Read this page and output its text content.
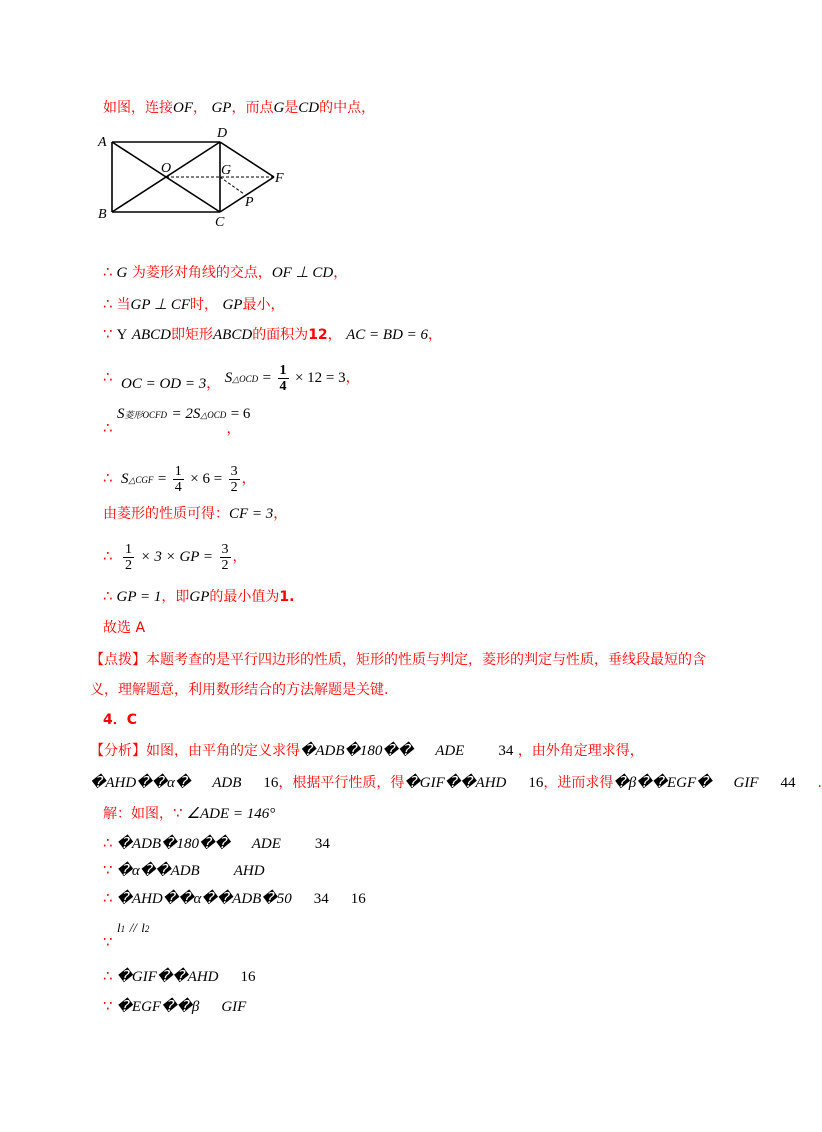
如图，连接OF， GP，而点G是CD的中点，
A
B
C
D
O	G
F
P
∴ G 为菱形对角线的交点，OF ⊥ CD，
∴ 当GP ⊥ CF时， GP最小，
∵ Y ABCD即矩形ABCD的面积为12， AC = BD = 6，
∴ OC = OD = 3， S△OCD = $\frac{1}{4} \times 12 = 3$，
S菱形OCFD = 2S△OCD = 6
∴	，
∴ S△CGF = $\frac{1}{4} \times 6 = \frac{3}{2}$ ，
由菱形的性质可得：CF = 3，
∴ $\frac{1}{2} \times 3$ × GP = $\frac{3}{2}$ ，
∴ GP = 1，即GP的最小值为1.
故选 A
【点拨】本题考查的是平行四边形的性质，矩形的性质与判定，菱形的判定与性质，垂线段最短的含
义，理解题意，利用数形结合的方法解题是关键.
4．C
【分析】如图，由平角的定义求得�ADB�180�� ADE 34 ，由外角定理求得，
�AHD��α� ADB 16，根据平行性质，得�GIF��AHD 16，进而求得�β��EGF� GIF 44 .
解：如图，∵ ∠ADE = 146°
∴ �ADB�180�� ADE 34
∵ �α��ADB AHD
∴ �AHD��α��ADB�50 34 16
l1 // l2
∵
∴ �GIF��AHD 16
∵ �EGF��β GIF
